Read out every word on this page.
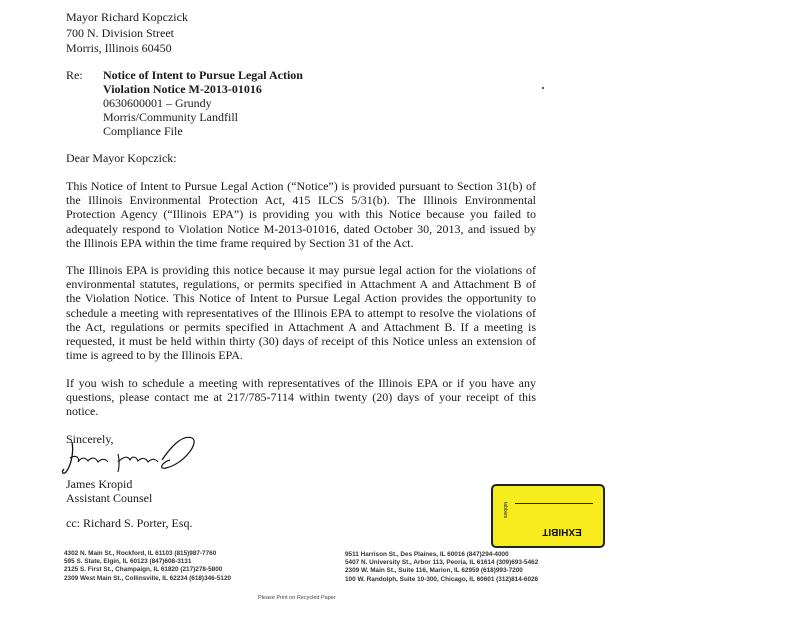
Mayor Richard Kopczick
700 N. Division Street
Morris, Illinois 60450
Re: Notice of Intent to Pursue Legal Action
Violation Notice M-2013-01016
0630600001 – Grundy
Morris/Community Landfill
Compliance File
Dear Mayor Kopczick:
This Notice of Intent to Pursue Legal Action (“Notice”) is provided pursuant to Section 31(b) of the Illinois Environmental Protection Act, 415 ILCS 5/31(b). The Illinois Environmental Protection Agency (“Illinois EPA”) is providing you with this Notice because you failed to adequately respond to Violation Notice M-2013-01016, dated October 30, 2013, and issued by the Illinois EPA within the time frame required by Section 31 of the Act.
The Illinois EPA is providing this notice because it may pursue legal action for the violations of environmental statutes, regulations, or permits specified in Attachment A and Attachment B of the Violation Notice. This Notice of Intent to Pursue Legal Action provides the opportunity to schedule a meeting with representatives of the Illinois EPA to attempt to resolve the violations of the Act, regulations or permits specified in Attachment A and Attachment B. If a meeting is requested, it must be held within thirty (30) days of receipt of this Notice unless an extension of time is agreed to by the Illinois EPA.
If you wish to schedule a meeting with representatives of the Illinois EPA or if you have any questions, please contact me at 217/785-7114 within twenty (20) days of your receipt of this notice.
Sincerely,
James Kropid
Assistant Counsel
cc: Richard S. Porter, Esq.
4302 N. Main St., Rockford, IL 61103 (815)987-7760
595 S. State, Elgin, IL 60123 (847)608-3131
2125 S. First St., Champaign, IL 61820 (217)278-5800
2309 West Main St., Collinsville, IL 62234 (618)346-5120
9511 Harrison St., Des Plaines, IL 60016 (847)294-4000
5407 N. University St., Arbor 113, Peoria, IL 61614 (309)693-5462
2309 W. Main St., Suite 116, Marion, IL 62959 (618)993-7200
100 W. Randolph, Suite 10-300, Chicago, IL 60601 (312)814-6026
Please Print on Recycled Paper
tabbies
EXHIBIT
